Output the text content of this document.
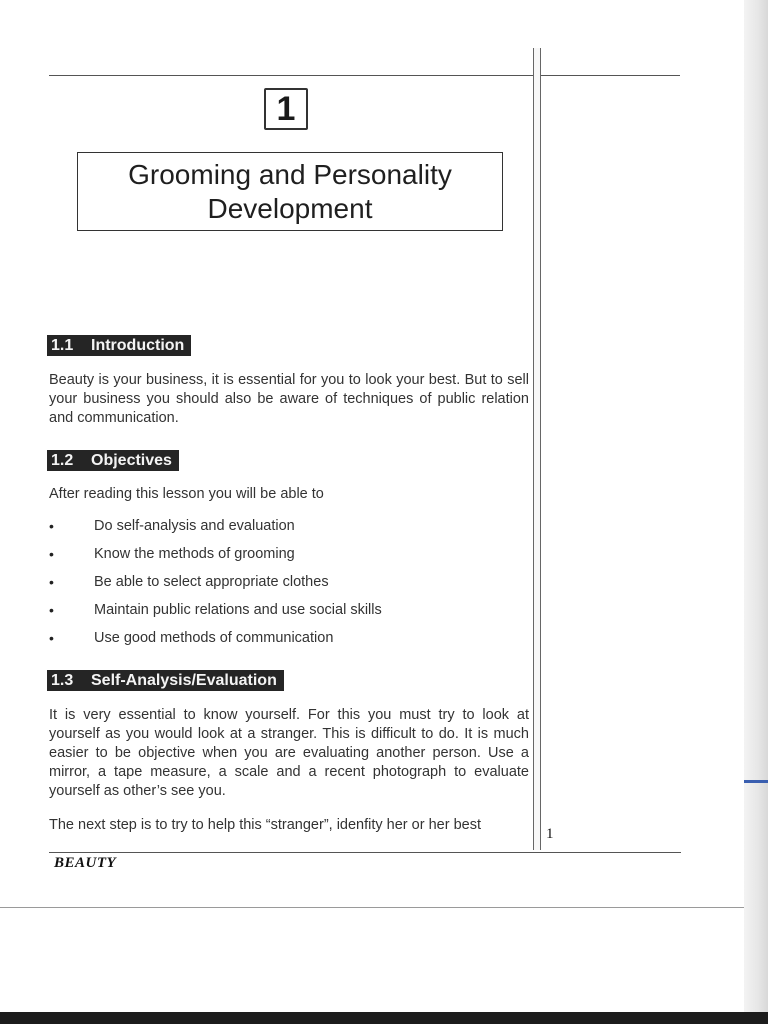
1
Grooming and Personality
Development
1.1 Introduction
Beauty is your business, it is essential for you to look your best. But to sell your business you should also be aware of techniques of public relation and communication.
1.2 Objectives
After reading this lesson you will be able to
•	Do self-analysis and evaluation
•	Know the methods of grooming
•	Be able to select appropriate clothes
•	Maintain public relations and use social skills
•	Use good methods of communication
1.3 Self-Analysis/Evaluation
It is very essential to know yourself. For this you must try to look at yourself as you would look at a stranger. This is difficult to do. It is much easier to be objective when you are evaluating another person. Use a mirror, a tape measure, a scale and a recent photograph to evaluate yourself as other’s see you.
The next step is to try to help this “stranger”, idenfity her or her best
1
BEAUTY
